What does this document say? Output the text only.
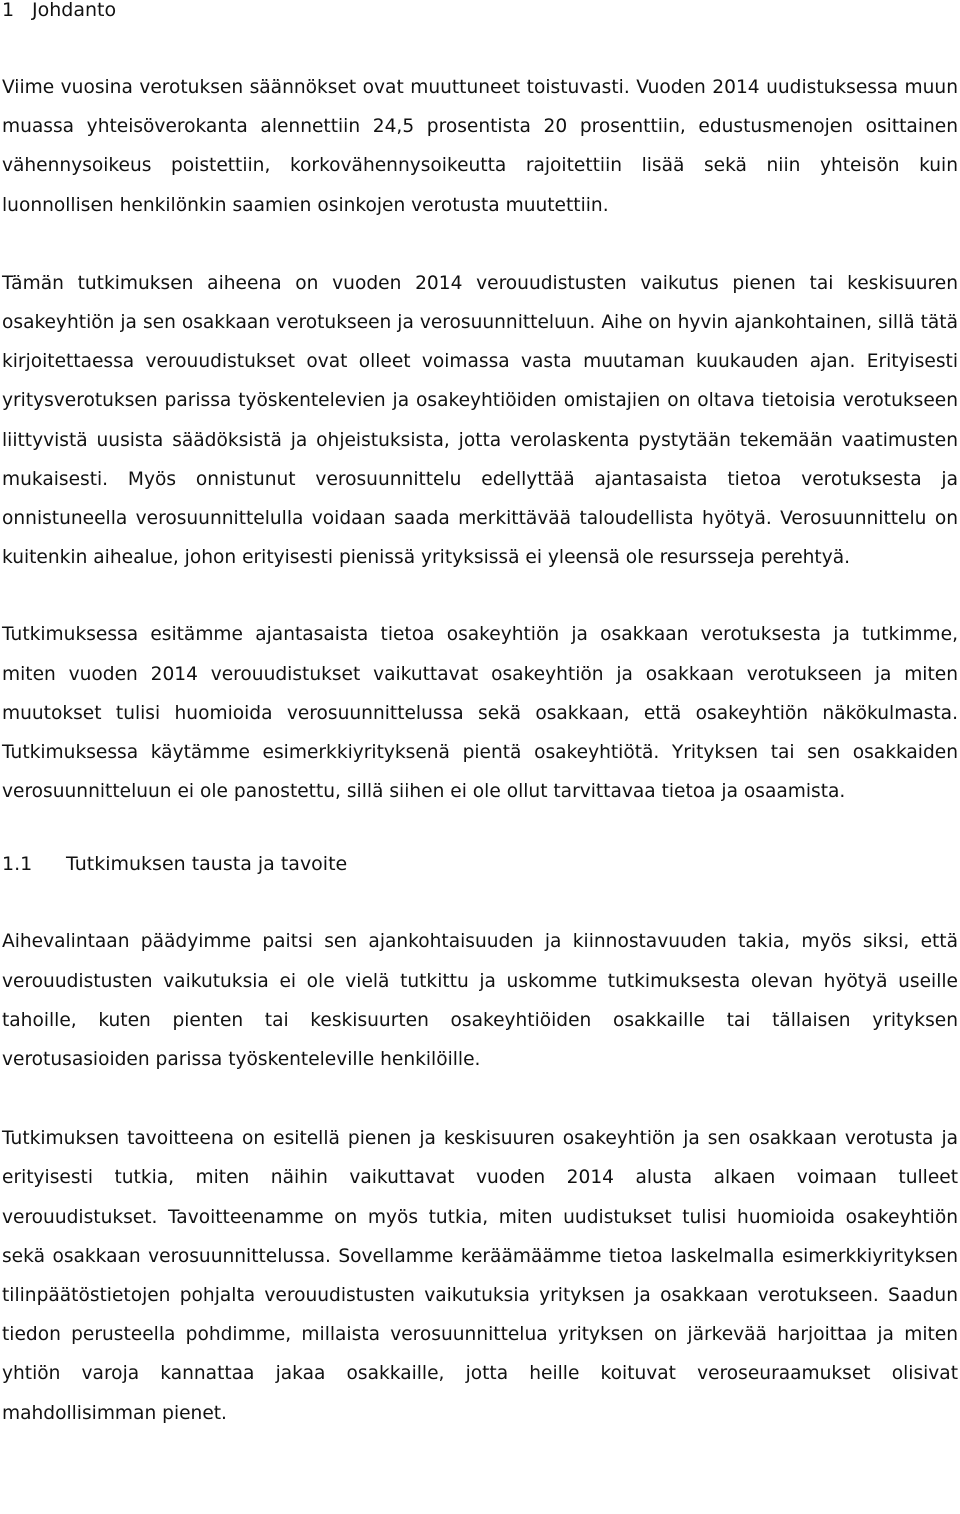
1 Johdanto

Viime vuosina verotuksen säännökset ovat muuttuneet toistuvasti. Vuoden 2014 uudistuksessa muun muassa yhteisöverokanta alennettiin 24,5 prosentista 20 prosenttiin, edustusmenojen osittainen vähennysoikeus poistettiin, korkovähennysoikeutta rajoitettiin lisää sekä niin yhteisön kuin luonnollisen henkilönkin saamien osinkojen verotusta muutettiin.

Tämän tutkimuksen aiheena on vuoden 2014 verouudistusten vaikutus pienen tai keskisuuren osakeyhtiön ja sen osakkaan verotukseen ja verosuunnitteluun. Aihe on hyvin ajankohtainen, sillä tätä kirjoitettaessa verouudistukset ovat olleet voimassa vasta muutaman kuukauden ajan. Erityisesti yritysverotuksen parissa työskentelevien ja osakeyhtiöiden omistajien on oltava tietoisia verotukseen liittyvistä uusista säädöksistä ja ohjeistuksista, jotta verolaskenta pystytään tekemään vaatimusten mukaisesti. Myös onnistunut verosuunnittelu edellyttää ajantasaista tietoa verotuksesta ja onnistuneella verosuunnittelulla voidaan saada merkittävää taloudellista hyötyä. Verosuunnittelu on kuitenkin aihealue, johon erityisesti pienissä yrityksissä ei yleensä ole resursseja perehtyä.

Tutkimuksessa esitämme ajantasaista tietoa osakeyhtiön ja osakkaan verotuksesta ja tutkimme, miten vuoden 2014 verouudistukset vaikuttavat osakeyhtiön ja osakkaan verotukseen ja miten muutokset tulisi huomioida verosuunnittelussa sekä osakkaan, että osakeyhtiön näkökulmasta. Tutkimuksessa käytämme esimerkkiyrityksenä pientä osakeyhtiötä. Yrityksen tai sen osakkaiden verosuunnitteluun ei ole panostettu, sillä siihen ei ole ollut tarvittavaa tietoa ja osaamista.

1.1 Tutkimuksen tausta ja tavoite

Aihevalintaan päädyimme paitsi sen ajankohtaisuuden ja kiinnostavuuden takia, myös siksi, että verouudistusten vaikutuksia ei ole vielä tutkittu ja uskomme tutkimuksesta olevan hyötyä useille tahoille, kuten pienten tai keskisuurten osakeyhtiöiden osakkaille tai tällaisen yrityksen verotusasioiden parissa työskenteleville henkilöille.

Tutkimuksen tavoitteena on esitellä pienen ja keskisuuren osakeyhtiön ja sen osakkaan verotusta ja erityisesti tutkia, miten näihin vaikuttavat vuoden 2014 alusta alkaen voimaan tulleet verouudistukset. Tavoitteenamme on myös tutkia, miten uudistukset tulisi huomioida osakeyhtiön sekä osakkaan verosuunnittelussa. Sovellamme keräämäämme tietoa laskelmalla esimerkkiyrityksen tilinpäätöstietojen pohjalta verouudistusten vaikutuksia yrityksen ja osakkaan verotukseen. Saadun tiedon perusteella pohdimme, millaista verosuunnittelua yrityksen on järkevää harjoittaa ja miten yhtiön varoja kannattaa jakaa osakkaille, jotta heille koituvat veroseuraamukset olisivat mahdollisimman pienet.
